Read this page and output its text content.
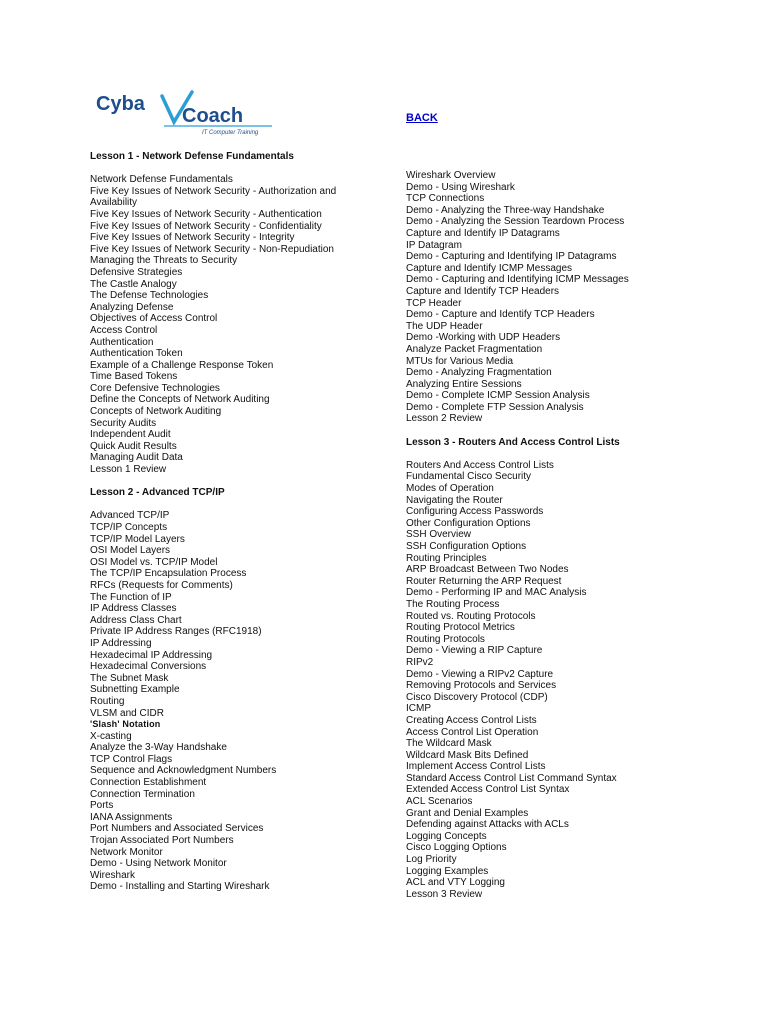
Cyba
Coach
IT Computer Training
BACK
Lesson 1 - Network Defense Fundamentals
Network Defense Fundamentals
Five Key Issues of Network Security - Authorization and Availability
Five Key Issues of Network Security - Authentication
Five Key Issues of Network Security - Confidentiality
Five Key Issues of Network Security - Integrity
Five Key Issues of Network Security - Non-Repudiation
Managing the Threats to Security
Defensive Strategies
The Castle Analogy
The Defense Technologies
Analyzing Defense
Objectives of Access Control
Access Control
Authentication
Authentication Token
Example of a Challenge Response Token
Time Based Tokens
Core Defensive Technologies
Define the Concepts of Network Auditing
Concepts of Network Auditing
Security Audits
Independent Audit
Quick Audit Results
Managing Audit Data
Lesson 1 Review
Lesson 2 - Advanced TCP/IP
Advanced TCP/IP
TCP/IP Concepts
TCP/IP Model Layers
OSI Model Layers
OSI Model vs. TCP/IP Model
The TCP/IP Encapsulation Process
RFCs (Requests for Comments)
The Function of IP
IP Address Classes
Address Class Chart
Private IP Address Ranges (RFC1918)
IP Addressing
Hexadecimal IP Addressing
Hexadecimal Conversions
The Subnet Mask
Subnetting Example
Routing
VLSM and CIDR
'Slash' Notation
X-casting
Analyze the 3-Way Handshake
TCP Control Flags
Sequence and Acknowledgment Numbers
Connection Establishment
Connection Termination
Ports
IANA Assignments
Port Numbers and Associated Services
Trojan Associated Port Numbers
Network Monitor
Demo - Using Network Monitor
Wireshark
Demo - Installing and Starting Wireshark
Wireshark Overview
Demo - Using Wireshark
TCP Connections
Demo - Analyzing the Three-way Handshake
Demo - Analyzing the Session Teardown Process
Capture and Identify IP Datagrams
IP Datagram
Demo - Capturing and Identifying IP Datagrams
Capture and Identify ICMP Messages
Demo - Capturing and Identifying ICMP Messages
Capture and Identify TCP Headers
TCP Header
Demo - Capture and Identify TCP Headers
The UDP Header
Demo -Working with UDP Headers
Analyze Packet Fragmentation
MTUs for Various Media
Demo - Analyzing Fragmentation
Analyzing Entire Sessions
Demo - Complete ICMP Session Analysis
Demo - Complete FTP Session Analysis
Lesson 2 Review
Lesson 3 - Routers And Access Control Lists
Routers And Access Control Lists
Fundamental Cisco Security
Modes of Operation
Navigating the Router
Configuring Access Passwords
Other Configuration Options
SSH Overview
SSH Configuration Options
Routing Principles
ARP Broadcast Between Two Nodes
Router Returning the ARP Request
Demo - Performing IP and MAC Analysis
The Routing Process
Routed vs. Routing Protocols
Routing Protocol Metrics
Routing Protocols
Demo - Viewing a RIP Capture
RIPv2
Demo - Viewing a RIPv2 Capture
Removing Protocols and Services
Cisco Discovery Protocol (CDP)
ICMP
Creating Access Control Lists
Access Control List Operation
The Wildcard Mask
Wildcard Mask Bits Defined
Implement Access Control Lists
Standard Access Control List Command Syntax
Extended Access Control List Syntax
ACL Scenarios
Grant and Denial Examples
Defending against Attacks with ACLs
Logging Concepts
Cisco Logging Options
Log Priority
Logging Examples
ACL and VTY Logging
Lesson 3 Review
